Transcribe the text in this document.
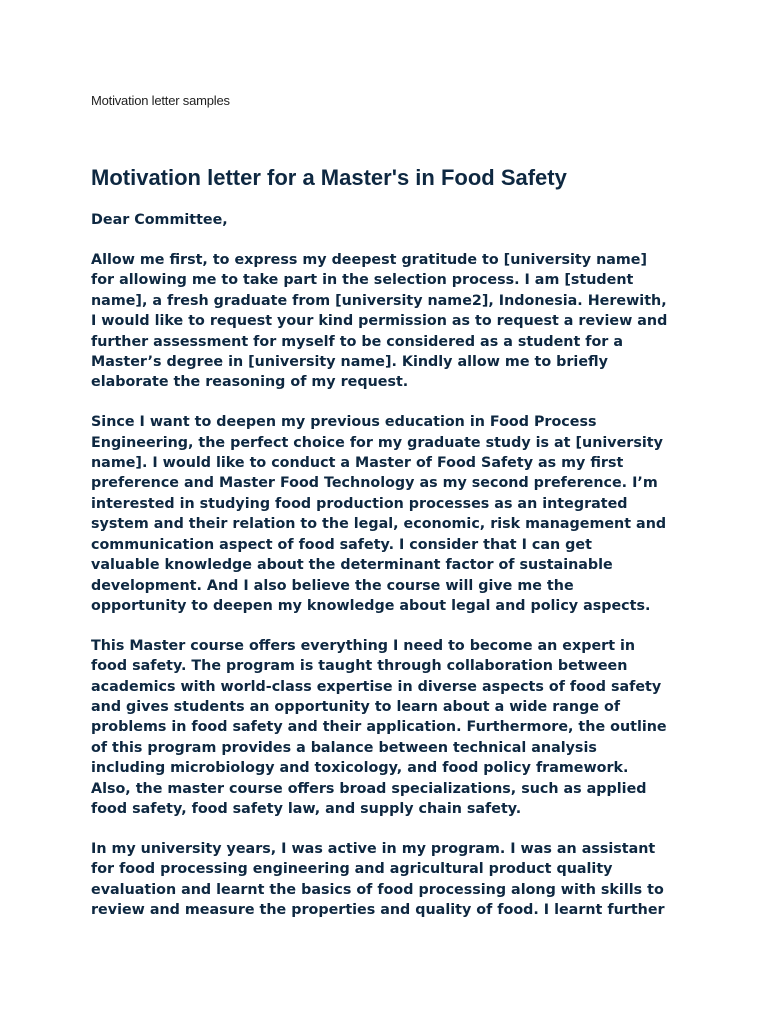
Motivation letter samples
Motivation letter for a Master's in Food Safety

Dear Committee,

Allow me first, to express my deepest gratitude to [university name]
for allowing me to take part in the selection process. I am [student
name], a fresh graduate from [university name2], Indonesia. Herewith,
I would like to request your kind permission as to request a review and
further assessment for myself to be considered as a student for a
Master’s degree in [university name]. Kindly allow me to briefly
elaborate the reasoning of my request.

Since I want to deepen my previous education in Food Process
Engineering, the perfect choice for my graduate study is at [university
name]. I would like to conduct a Master of Food Safety as my first
preference and Master Food Technology as my second preference. I’m
interested in studying food production processes as an integrated
system and their relation to the legal, economic, risk management and
communication aspect of food safety. I consider that I can get
valuable knowledge about the determinant factor of sustainable
development. And I also believe the course will give me the
opportunity to deepen my knowledge about legal and policy aspects.

This Master course offers everything I need to become an expert in
food safety. The program is taught through collaboration between
academics with world-class expertise in diverse aspects of food safety
and gives students an opportunity to learn about a wide range of
problems in food safety and their application. Furthermore, the outline
of this program provides a balance between technical analysis
including microbiology and toxicology, and food policy framework.
Also, the master course offers broad specializations, such as applied
food safety, food safety law, and supply chain safety.

In my university years, I was active in my program. I was an assistant
for food processing engineering and agricultural product quality
evaluation and learnt the basics of food processing along with skills to
review and measure the properties and quality of food. I learnt further
